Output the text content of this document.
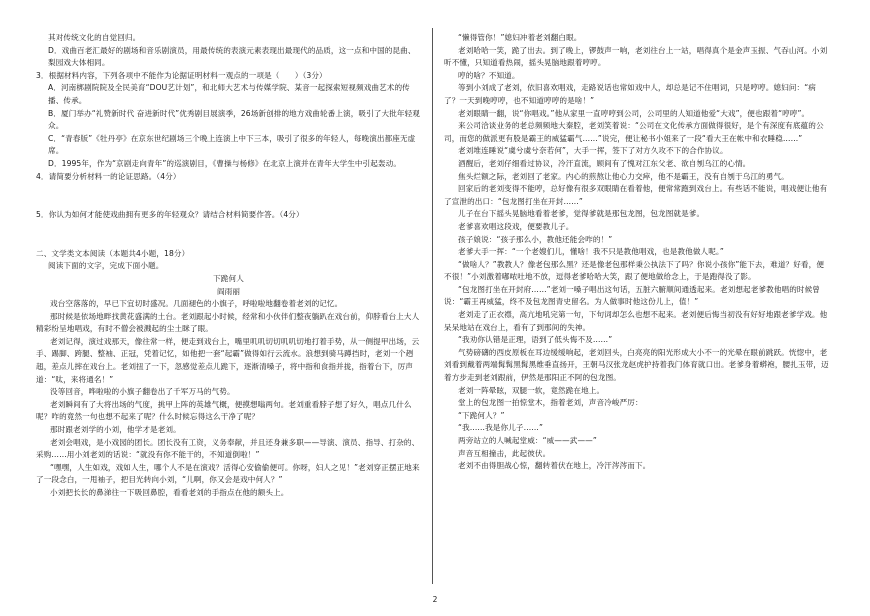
其对传统文化的自觉回归。

D．戏曲百老汇最好的剧场和音乐剧演员，用最传统的表演元素表现出最现代的品质，这一点和中国的昆曲、梨园戏大体相同。

3．根据材料内容，下列各项中不能作为论据证明材料一观点的一项是（　　）（3分）

A．河南梆剧院院及全民美育“DOU艺计划”，和北师大艺术与传媒学院、某音一起探索短视频戏曲艺术的传播、传承。

B．厦门举办“礼赞新时代 奋进新时代”优秀剧目展演季，26场新创排的地方戏曲轮番上演，吸引了大批年轻观众。

C．“青春版”《牡丹亭》在京东世纪剧场三个晚上连演上中下三本，吸引了很多的年轻人，每晚演出都座无虚席。

D．1995年，作为“京剧走向青年”的巡演剧目，《曹操与杨修》在北京上演并在青年大学生中引起轰动。

4．请简要分析材料一的论证思路。（4分）

5．你认为如何才能使戏曲拥有更多的年轻观众？请结合材料简要作答。（4分）

二、文学类文本阅读（本题共4小题，18分）

阅读下面的文字，完成下面小题。

下跪何人

阎雨丽

戏台空落落的，早已下宜切时盛况。几面褪色的小旗子，呼啦啦地翻卷着老刘的记忆。

那时候是依场地畔找黄花盛满的土台。老刘跟起小时候，经常和小伙伴们整夜躺趴在戏台前，仰脖看台上大人精彩纷呈地唱戏，有时不僧会被溅起的尘土眯了眼。

老刘记得，演过戏那天，像往常一样，便走到戏台上，嘴里叽叽切切叽叽切地打着手势，从一侧提甲出场，云手、踢脚、跨腿、整袖、正冠，凭着记忆，如他把一套“起霸”做得如行云流水。浪想到骑马蹲挡时，老刘一个趔趄，差点儿摔在戏台上。老刘扭了一下，忽感觉差点儿跪下，逐渐清嗓子，将中指和食指并拢，指着台下，厉声道：“呔，来将通名！”

没等回音，哗啦啦的小旗子翻卷出了千军万马的气势。

老刘瞬间有了大将出场的气度，挑甲上阵的英雄气概，便摸想嗡两句。老刘重看脖子想了好久，唱点几什么呢？咋的竟然一句也想不起来了呢？什么时候忘得这么干净了呢？

那时跟老刘学的小刘，他学才是老刘。

老刘会唱戏，是小戏园的团长。团长没有工资，义务奉献，并且还身兼多职——导演、演员、指导、打杂的、采购……用小刘老刘的话说：“就没有你不能干的，不知道倒啦！”

“嘿嘿，人生如戏，戏如人生，哪个人不是在演戏？活得心安偷偷便可。你呀，妇人之见！”老刘穿正摆正地来了一段念白，一甩袖子，把目光转向小刘，“儿啊，你又会是戏中何人？”

小刘把长长的鼻涕往一下吸回鼻腔，看看老刘的手指点在他的额头上。

“懒得管你！”媳妇冲着老刘翻白眼。

老刘哈哈一笑，跪了出去。到了晚上，锣鼓声一响，老刘往台上一站，唱得真个是金声玉振、气吞山河。小刘听不懂，只知道看热闹，摇头晃脑地跟着哼哼。

哼的啥？不知道。

等到小刘成了老刘，依旧喜欢唱戏，走路说话也常如戏中人，却总是记不住唱词，只是哼哼。媳妇问：“病了？一天到晚哼哼，也不知道哼哼的是啥！”

老刘眼睛一翻，说“你唱戏。”他从家里一直哼哼到公司，公司里的人知道他爱“大戏”，便也跟着“哼哼”。

来公司洽谈业务的老总频频地大秦腔，老刘笑着说：“公司在文化传承方面做得很好，是个有深度有底蕴的公司，而您的做派更有股是霸王的威猛霸气……”说完，便让秘书小姐来了一段“看大王在帐中和衣睡稳……”

老刘堆连睡说“虞兮虞兮奈若何”，大手一挥，签下了对方久攻不下的合作协议。

酒醒后，老刘仔细看过协议，冷汗直流，顾间有了愧对江东父老、欲自刎乌江的心情。

焦头烂额之际，老刘回了老家。内心的煎熬让他心力交瘁，他不是霸王，没有自刎于乌江的勇气。

回家后的老刘变得不能哼，总好像有很多双眼睛在看着他，便常常跑到戏台上。有些话不能说，唱戏便让他有了宣泄的出口：“包龙图打坐在开封……”

儿子在台下摇头晃脑地看着老爹，觉得爹就是那包龙图，包龙图就是爹。

老爹喜欢唱这段戏，便要教儿子。

孩子娘说：“孩子那么小，教他还能会咋的！”

老爹大手一挥：“一个老嫂们儿，懂啥！我不只是教他唱戏，也是教他做人呢。”

“做啥人？”教教人？像老包那么黑？还是像老包那样秉公执法下了吗？你说小孩你”能下去，难道？好看，便不很！”小刘激着嘟哝吐地不放，逗得老爹哈哈大笑，跟了便地做给念上，于是跑得没了影。

“包龙图打坐在开封府……”老刘一嗓子唱出这句话，五脏六腑顺间通透起来。老刘想起老爹教他唱的时候曾说：“霸王再威猛，终不及包龙图青史留名。为人做事时他这份儿上，值！”

老刘走了正衣襟，高亢地吼完第一句，下句词却怎么也想不起来。老刘便后悔当初没有好好地跟老爹学戏。他呆呆地站在戏台上，看有了到那间的失神。

“我劝你认错是正理，语到了低头悔不及……”

气势磅礴的西皮原板在耳边缓缓响起，老刘回头，白亮亮的阳光形成大小不一的光晕在眼前跳跃。恍惚中，老刘看到戴着两端髯髯黑髯黑维垂直扬开，王朝马汉张龙赵虎护持着我门体育就口出。老爹身着蟒袍，腰扎玉带，迈着方步走到老刘跟前，伊然是那阳正不阿的包龙图。

老刘一阵晕眩，双腿一软，竟然跪在地上。

堂上的包龙图一拍惊堂木，指着老刘，声音冷峻严厉：

“下跪何人？”

“我……我是你儿子……”

两旁站立的人喊起堂威：“威——武——”

声音互相撞击，此起彼伏。

老刘不由得胆战心惊，翻转着伏在地上，冷汗涔涔而下。

2
